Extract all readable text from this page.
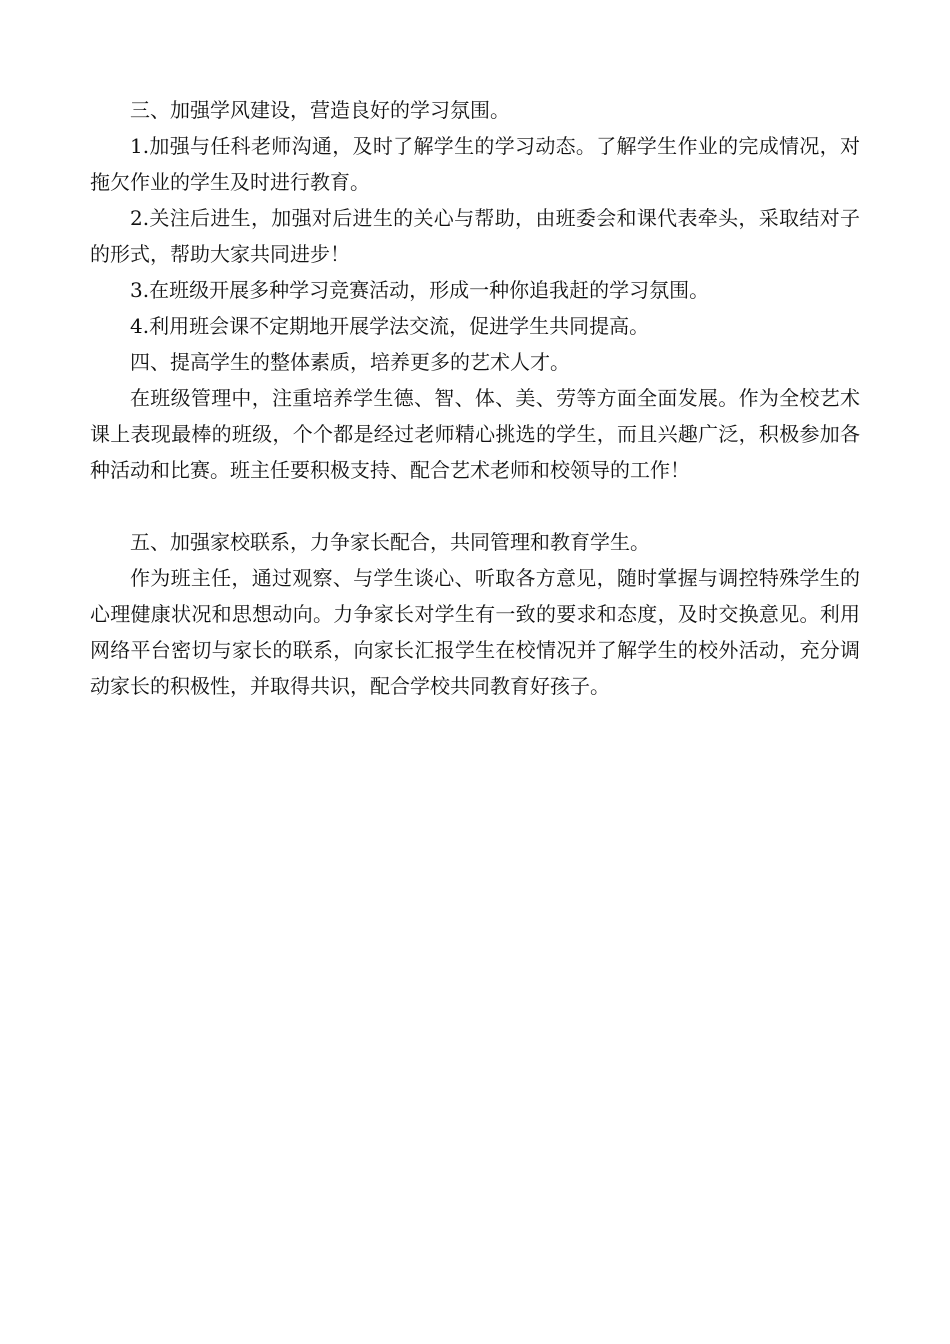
三、加强学风建设，营造良好的学习氛围。

1.加强与任科老师沟通，及时了解学生的学习动态。了解学生作业的完成情况，对拖欠作业的学生及时进行教育。

2.关注后进生，加强对后进生的关心与帮助，由班委会和课代表牵头，采取结对子的形式，帮助大家共同进步！

3.在班级开展多种学习竞赛活动，形成一种你追我赶的学习氛围。

4.利用班会课不定期地开展学法交流，促进学生共同提高。

四、提高学生的整体素质，培养更多的艺术人才。

在班级管理中，注重培养学生德、智、体、美、劳等方面全面发展。作为全校艺术课上表现最棒的班级，个个都是经过老师精心挑选的学生，而且兴趣广泛，积极参加各种活动和比赛。班主任要积极支持、配合艺术老师和校领导的工作！

五、加强家校联系，力争家长配合，共同管理和教育学生。

作为班主任，通过观察、与学生谈心、听取各方意见，随时掌握与调控特殊学生的心理健康状况和思想动向。力争家长对学生有一致的要求和态度，及时交换意见。利用网络平台密切与家长的联系，向家长汇报学生在校情况并了解学生的校外活动，充分调动家长的积极性，并取得共识，配合学校共同教育好孩子。
